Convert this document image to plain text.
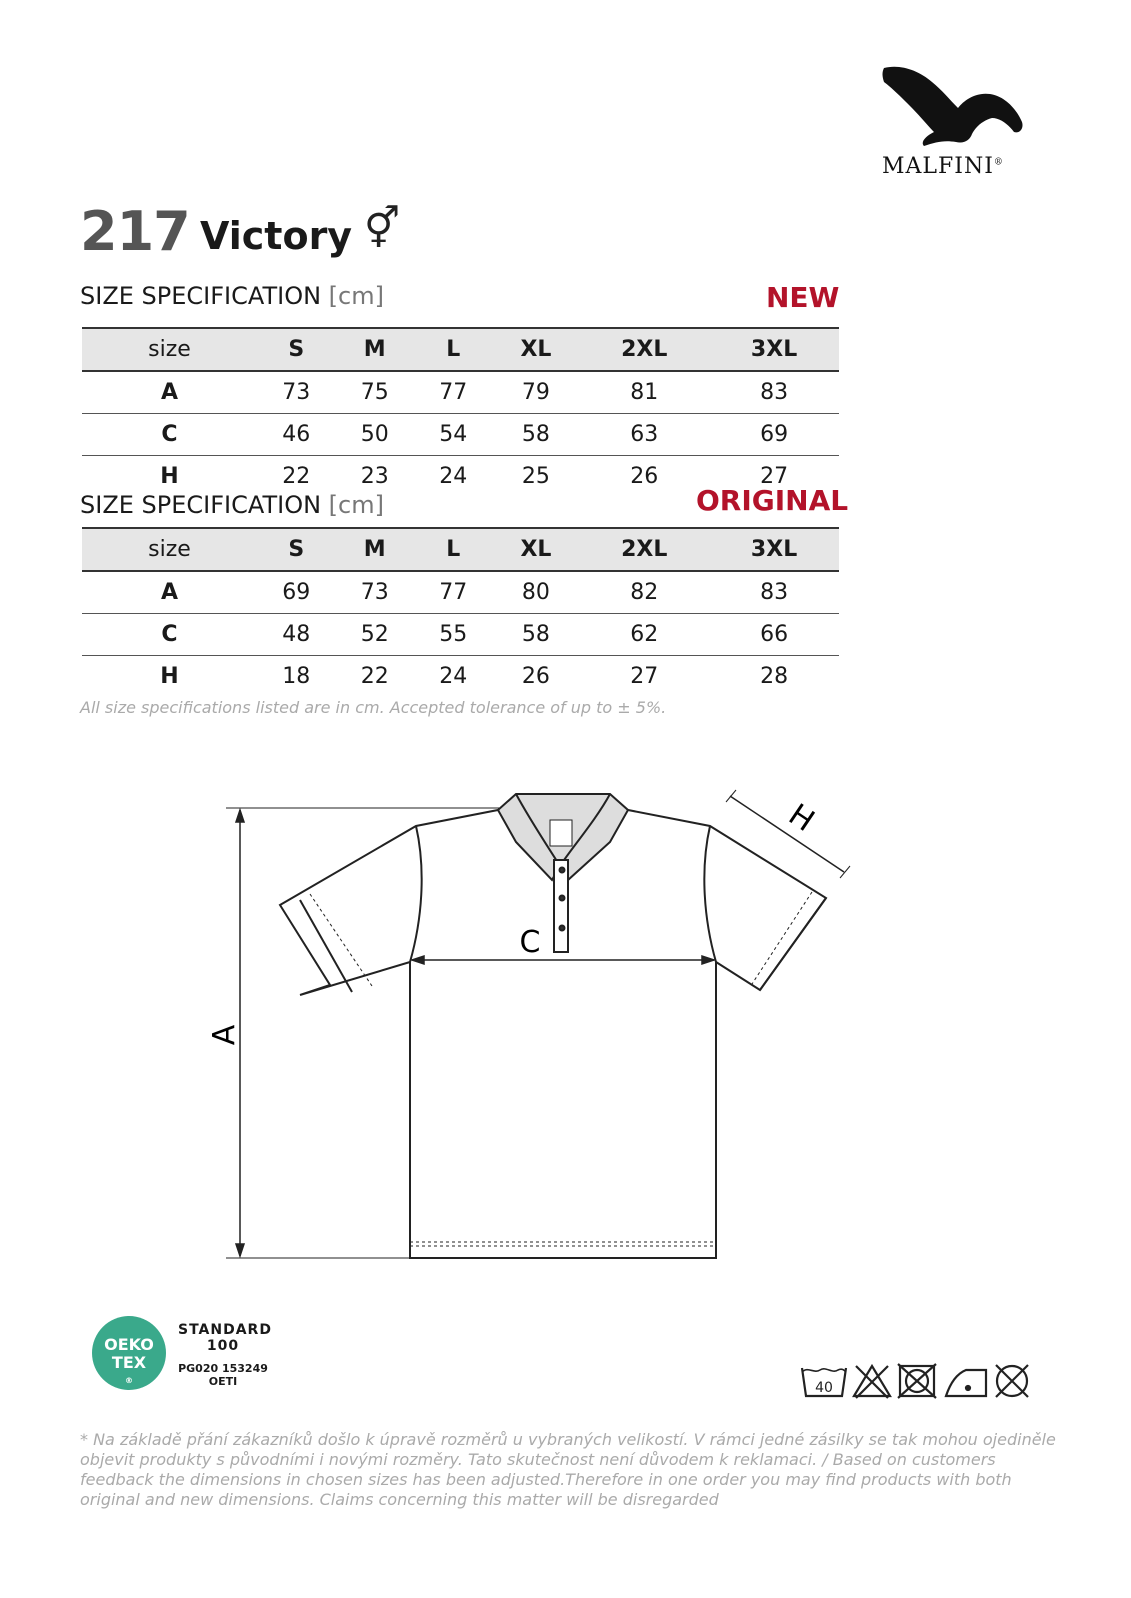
MALFINI®
217 Victory ⚥
SIZE SPECIFICATION [cm]	NEW
size	S	M	L	XL	2XL	3XL
A	73	75	77	79	81	83
C	46	50	54	58	63	69
H	22	23	24	25	26	27
SIZE SPECIFICATION [cm]	ORIGINAL
size	S	M	L	XL	2XL	3XL
A	69	73	77	80	82	83
C	48	52	55	58	62	66
H	18	22	24	26	27	28
All size specifications listed are in cm. Accepted tolerance of up to ± 5%.
A
C
H
OEKO
TEX
®
STANDARD
100
PG020 153249
OETI	40
* Na základě přání zákazníků došlo k úpravě rozměrů u vybraných velikostí. V rámci jedné zásilky se tak mohou ojediněle objevit produkty s původními i novými rozměry. Tato skutečnost není důvodem k reklamaci. / Based on customers feedback the dimensions in chosen sizes has been adjusted.Therefore in one order you may find products with both original and new dimensions. Claims concerning this matter will be disregarded
